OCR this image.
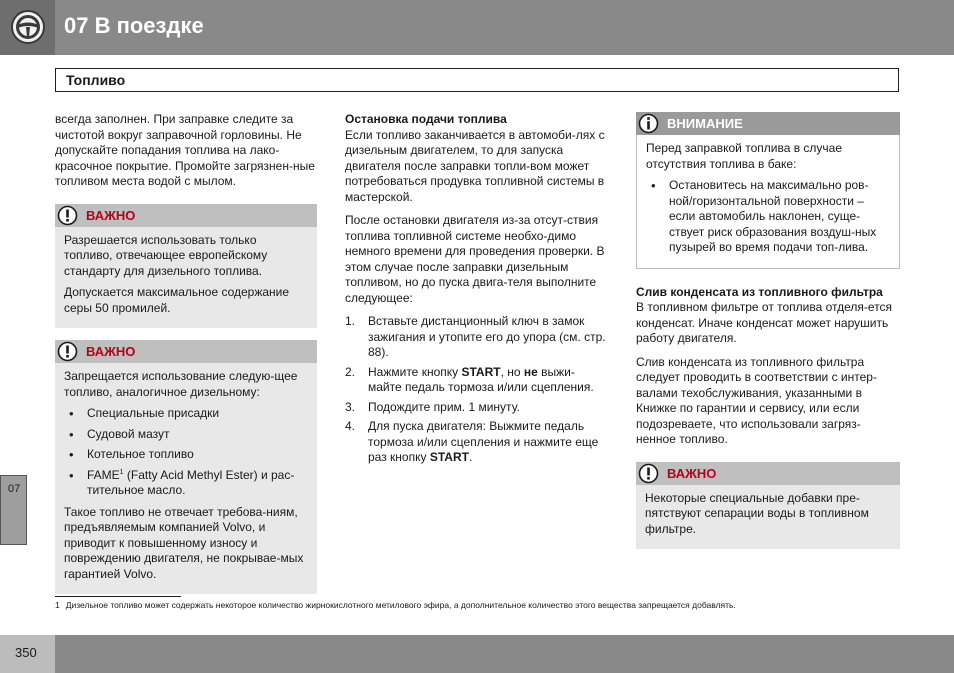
07 В поездке
Топливо

всегда заполнен. При заправке следите за чистотой вокруг заправочной горловины. Не допускайте попадания топлива на лако-красочное покрытие. Промойте загрязнен-ные топливом места водой с мылом.

ВАЖНО

Разрешается использовать только топливо, отвечающее европейскому стандарту для дизельного топлива.

Допускается максимальное содержание серы 50 промилей.

ВАЖНО

Запрещается использование следую-щее топливо, аналогичное дизельному:

• Специальные присадки
• Судовой мазут
• Котельное топливо
• FAME$^1$ (Fatty Acid Methyl Ester) и рас-тительное масло.

Такое топливо не отвечает требова-ниям, предъявляемым компанией Volvo, и приводит к повышенному износу и повреждению двигателя, не покрывае-мых гарантией Volvo.

Остановка подачи топлива

Если топливо заканчивается в автомоби-лях с дизельным двигателем, то для запуска двигателя после заправки топли-вом может потребоваться продувка топливной системы в мастерской.

После остановки двигателя из-за отсут-ствия топлива топливной системе необхо-димо немного времени для проведения проверки. В этом случае после заправки дизельным топливом, но до пуска двига-теля выполните следующее:

1. Вставьте дистанционный ключ в замок зажигания и утопите его до упора (см. стр. 88).
2. Нажмите кнопку START, но не выжи-майте педаль тормоза и/или сцепления.
3. Подождите прим. 1 минуту.
4. Для пуска двигателя: Выжмите педаль тормоза и/или сцепления и нажмите еще раз кнопку START.
ВНИМАНИЕ

Перед заправкой топлива в случае отсутствия топлива в баке:

• Остановитесь на максимально ров-ной/горизонтальной поверхности – если автомобиль наклонен, суще-ствует риск образования воздуш-ных пузырей во время подачи топ-лива.

Слив конденсата из топливного фильтра

В топливном фильтре от топлива отделя-ется конденсат. Иначе конденсат может нарушить работу двигателя.

Слив конденсата из топливного фильтра следует проводить в соответствии с интер-валами техобслуживания, указанными в Книжке по гарантии и сервису, или если подозреваете, что использовали загряз-ненное топливо.

ВАЖНО

Некоторые специальные добавки пре-пятствуют сепарации воды в топливном фильтре.

07
1 Дизельное топливо может содержать некоторое количество жирнокислотного метилового эфира, а дополнительное количество этого вещества запрещается добавлять.
350
